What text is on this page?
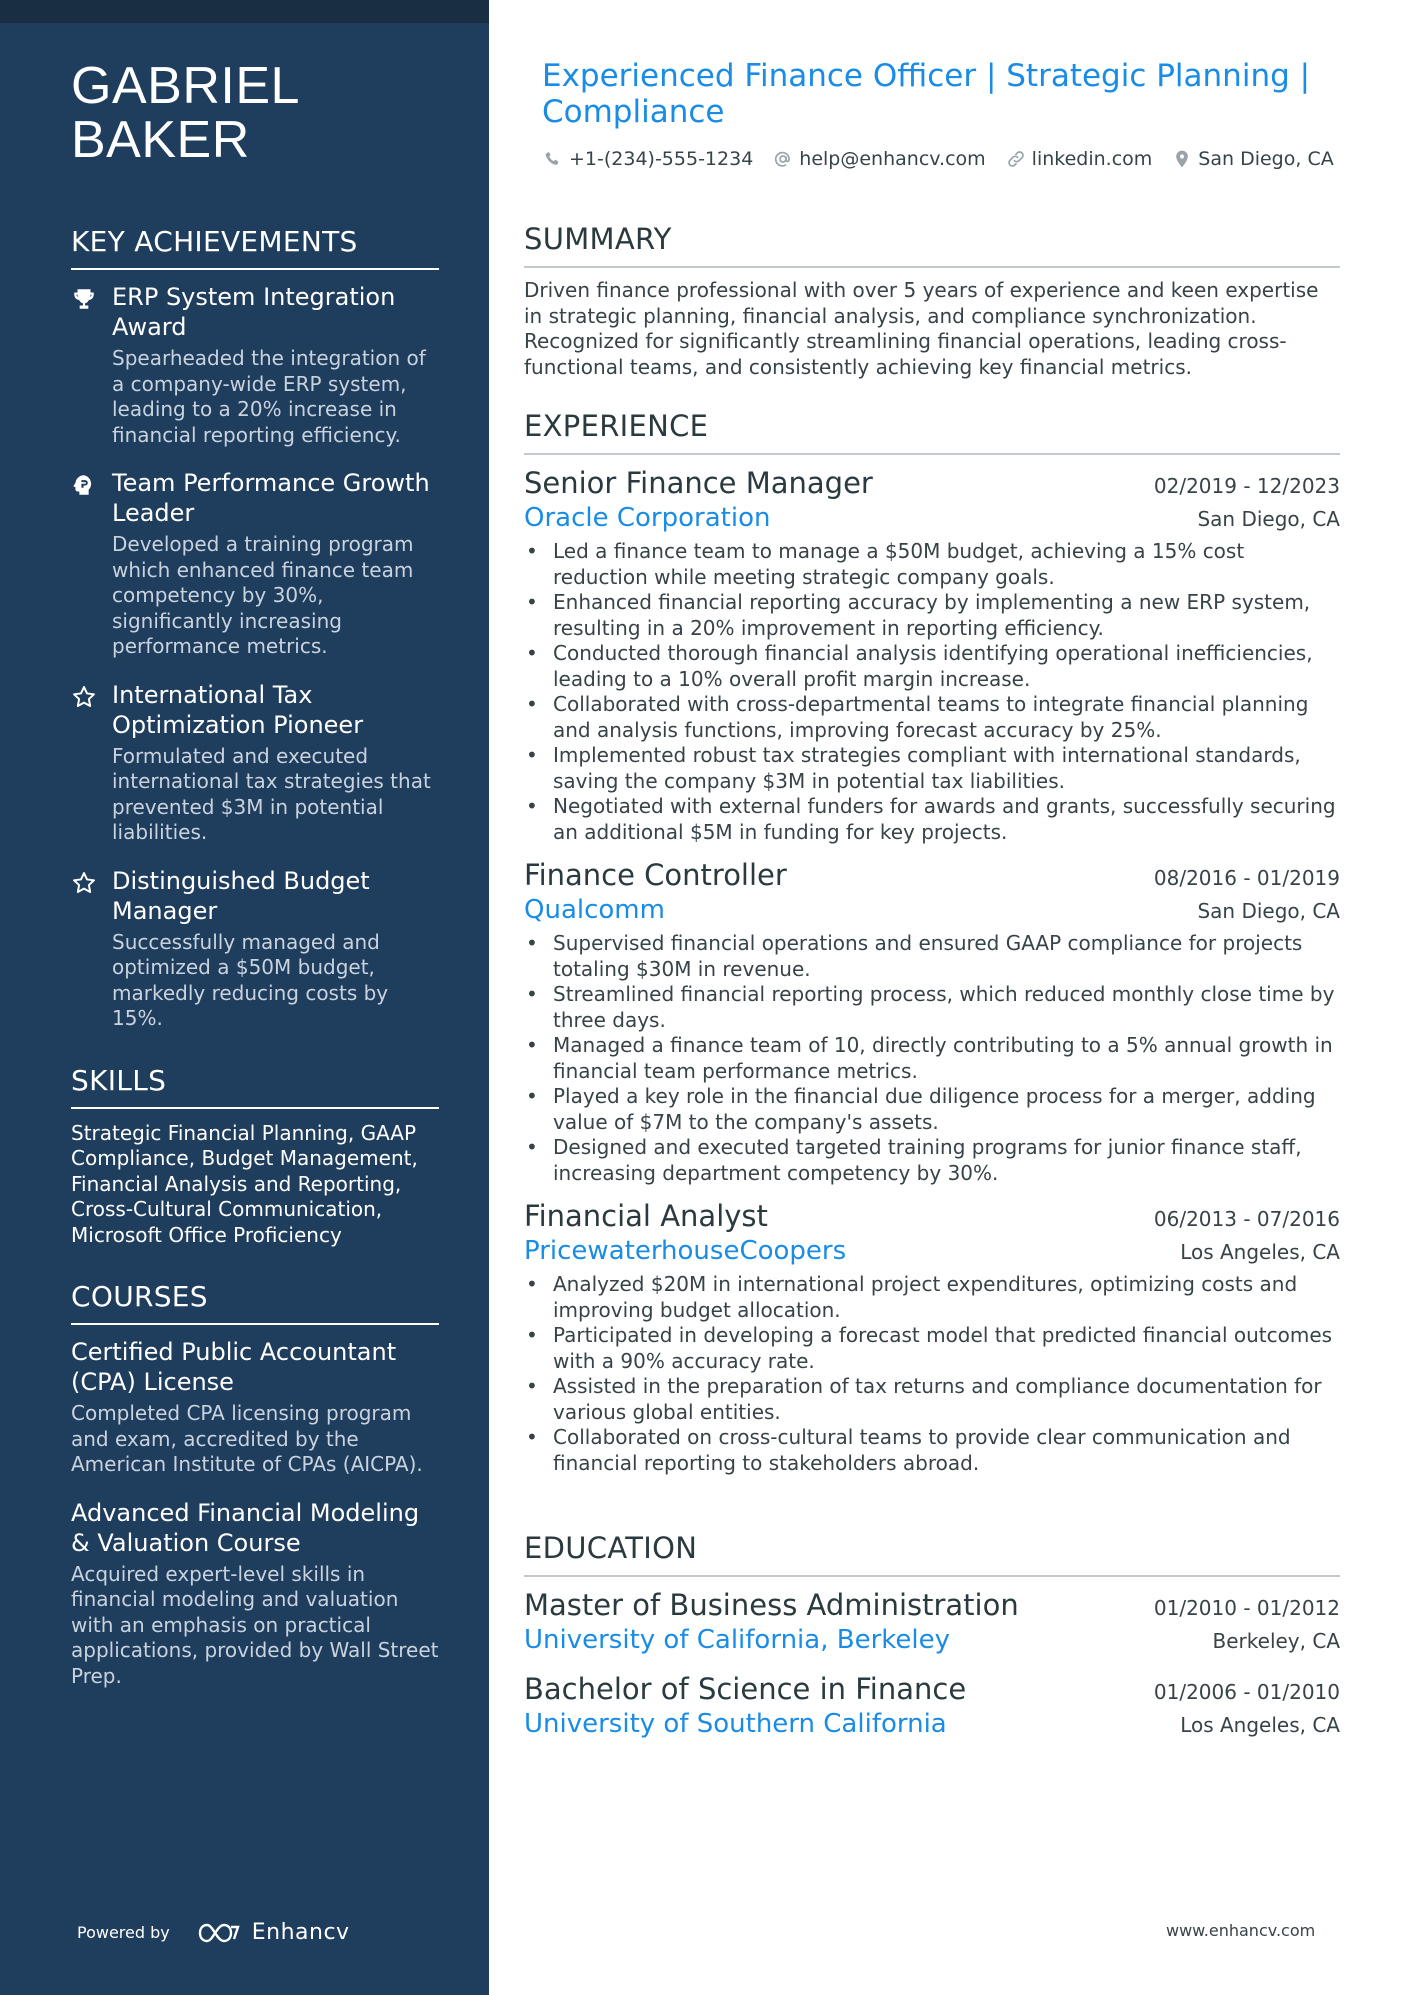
GABRIEL
BAKER
KEY ACHIEVEMENTS
ERP System Integration Award
Spearheaded the integration of a company-wide ERP system, leading to a 20% increase in financial reporting efficiency.
Team Performance Growth Leader
Developed a training program which enhanced finance team competency by 30%, significantly increasing performance metrics.
International Tax Optimization Pioneer
Formulated and executed international tax strategies that prevented $3M in potential liabilities.
Distinguished Budget Manager
Successfully managed and optimized a $50M budget, markedly reducing costs by 15%.
SKILLS

Strategic Financial Planning, GAAP Compliance, Budget Management, Financial Analysis and Reporting, Cross-Cultural Communication, Microsoft Office Proficiency

COURSES
Certified Public Accountant (CPA) License
Completed CPA licensing program and exam, accredited by the American Institute of CPAs (AICPA).
Advanced Financial Modeling & Valuation Course
Acquired expert-level skills in financial modeling and valuation with an emphasis on practical applications, provided by Wall Street Prep.
Powered by	Enhancv
Experienced Finance Officer | Strategic Planning | Compliance
+1-(234)-555-1234 help@enhancv.com linkedin.com San Diego, CA
SUMMARY

Driven finance professional with over 5 years of experience and keen expertise in strategic planning, financial analysis, and compliance synchronization. Recognized for significantly streamlining financial operations, leading cross-functional teams, and consistently achieving key financial metrics.

EXPERIENCE
Senior Finance Manager	02/2019 - 12/2023
Oracle Corporation	San Diego, CA
• Led a finance team to manage a $50M budget, achieving a 15% cost reduction while meeting strategic company goals.
• Enhanced financial reporting accuracy by implementing a new ERP system, resulting in a 20% improvement in reporting efficiency.
• Conducted thorough financial analysis identifying operational inefficiencies, leading to a 10% overall profit margin increase.
• Collaborated with cross-departmental teams to integrate financial planning and analysis functions, improving forecast accuracy by 25%.
• Implemented robust tax strategies compliant with international standards, saving the company $3M in potential tax liabilities.
• Negotiated with external funders for awards and grants, successfully securing an additional $5M in funding for key projects.
Finance Controller	08/2016 - 01/2019
Qualcomm	San Diego, CA
• Supervised financial operations and ensured GAAP compliance for projects totaling $30M in revenue.
• Streamlined financial reporting process, which reduced monthly close time by three days.
• Managed a finance team of 10, directly contributing to a 5% annual growth in financial team performance metrics.
• Played a key role in the financial due diligence process for a merger, adding value of $7M to the company's assets.
• Designed and executed targeted training programs for junior finance staff, increasing department competency by 30%.
Financial Analyst	06/2013 - 07/2016
PricewaterhouseCoopers	Los Angeles, CA
• Analyzed $20M in international project expenditures, optimizing costs and improving budget allocation.
• Participated in developing a forecast model that predicted financial outcomes with a 90% accuracy rate.
• Assisted in the preparation of tax returns and compliance documentation for various global entities.
• Collaborated on cross-cultural teams to provide clear communication and financial reporting to stakeholders abroad.
EDUCATION
Master of Business Administration	01/2010 - 01/2012
University of California, Berkeley	Berkeley, CA
Bachelor of Science in Finance	01/2006 - 01/2010
University of Southern California	Los Angeles, CA
www.enhancv.com
